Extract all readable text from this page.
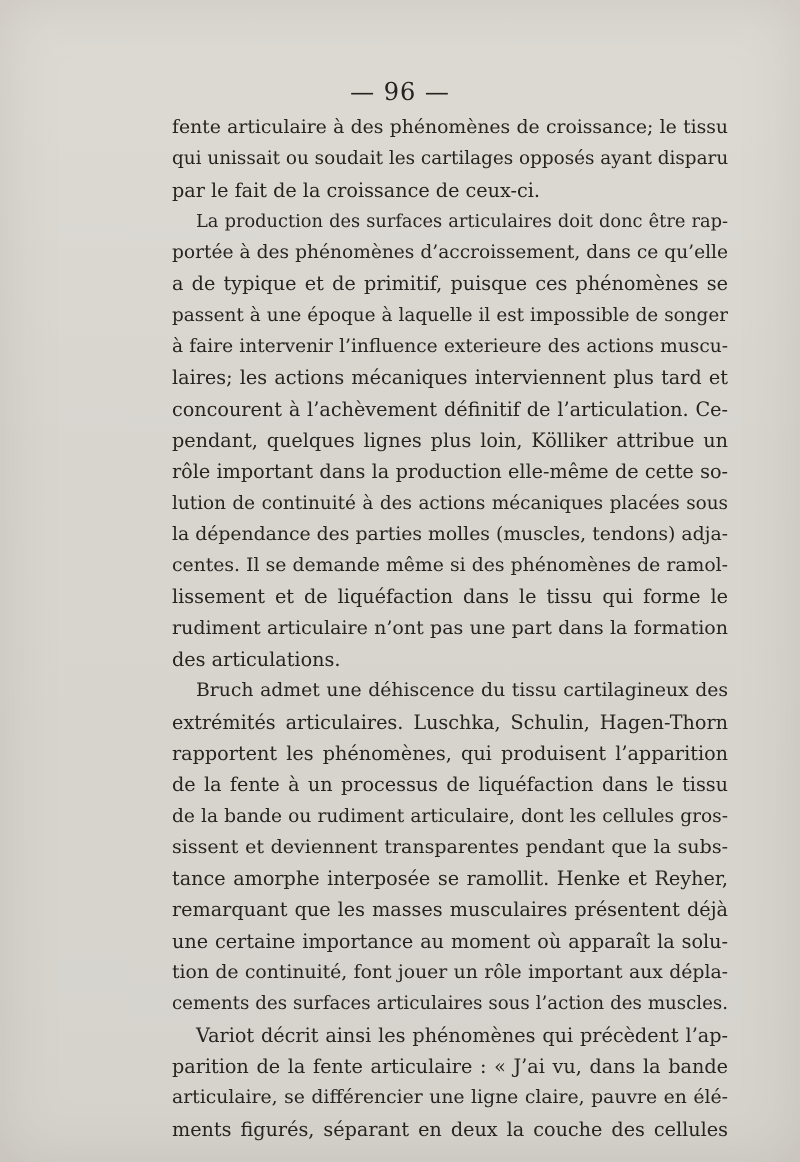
— 96 —
fente articulaire à des phénomènes de croissance; le tissu
qui unissait ou soudait les cartilages opposés ayant disparu
par le fait de la croissance de ceux-ci.
La production des surfaces articulaires doit donc être rap-
portée à des phénomènes d’accroissement, dans ce qu’elle
a de typique et de primitif, puisque ces phénomènes se
passent à une époque à laquelle il est impossible de songer
à faire intervenir l’influence exterieure des actions muscu-
laires; les actions mécaniques interviennent plus tard et
concourent à l’achèvement définitif de l’articulation. Ce-
pendant, quelques lignes plus loin, Kölliker attribue un
rôle important dans la production elle-même de cette so-
lution de continuité à des actions mécaniques placées sous
la dépendance des parties molles (muscles, tendons) adja-
centes. Il se demande même si des phénomènes de ramol-
lissement et de liquéfaction dans le tissu qui forme le
rudiment articulaire n’ont pas une part dans la formation
des articulations.
Bruch admet une déhiscence du tissu cartilagineux des
extrémités articulaires. Luschka, Schulin, Hagen-Thorn
rapportent les phénomènes, qui produisent l’apparition
de la fente à un processus de liquéfaction dans le tissu
de la bande ou rudiment articulaire, dont les cellules gros-
sissent et deviennent transparentes pendant que la subs-
tance amorphe interposée se ramollit. Henke et Reyher,
remarquant que les masses musculaires présentent déjà
une certaine importance au moment où apparaît la solu-
tion de continuité, font jouer un rôle important aux dépla-
cements des surfaces articulaires sous l’action des muscles.
Variot décrit ainsi les phénomènes qui précèdent l’ap-
parition de la fente articulaire : « J’ai vu, dans la bande
articulaire, se différencier une ligne claire, pauvre en élé-
ments figurés, séparant en deux la couche des cellules
